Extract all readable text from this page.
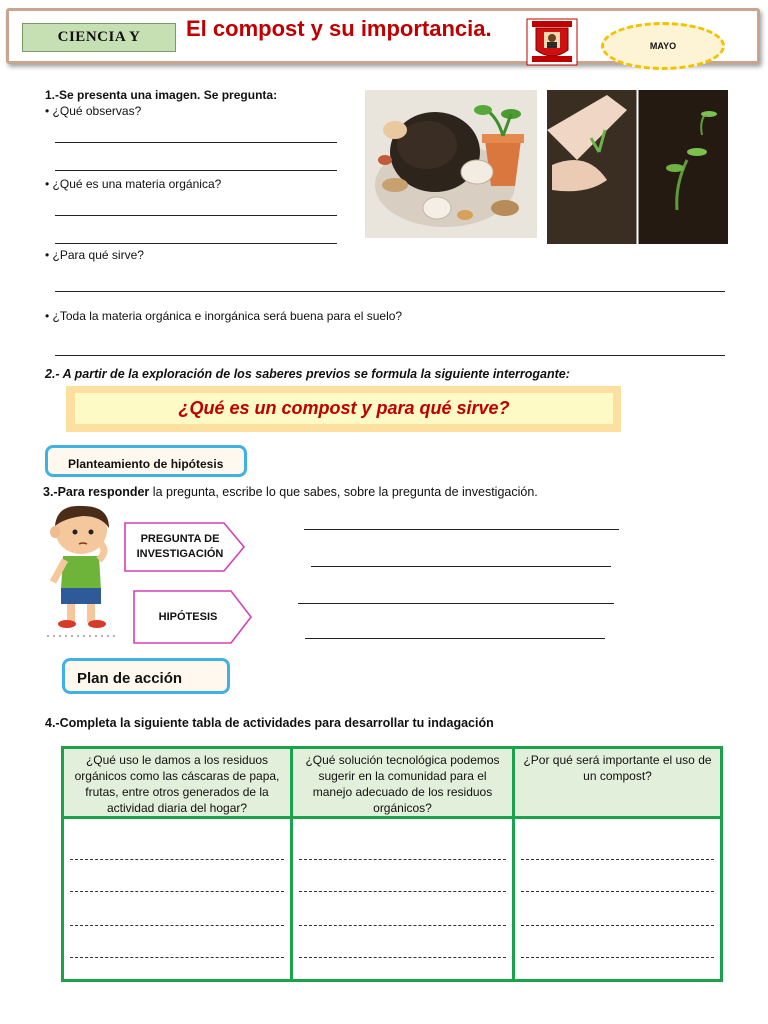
CIENCIA Y	El compost y su importancia.
MAYO
1.-Se presenta una imagen. Se pregunta:
• ¿Qué observas?
• ¿Qué es una materia orgánica?
• ¿Para qué sirve?
• ¿Toda la materia orgánica e inorgánica será buena para el suelo?
2.- A partir de la exploración de los saberes previos se formula la siguiente interrogante:
¿Qué es un compost y para qué sirve?
Planteamiento de hipótesis
3.-Para responder la pregunta, escribe lo que sabes, sobre la pregunta de investigación.
PREGUNTA DE
INVESTIGACIÓN
HIPÓTESIS
Plan de acción
4.-Completa la siguiente tabla de actividades para desarrollar tu indagación
¿Qué uso le damos a los residuos orgánicos como las cáscaras de papa, frutas, entre otros generados de la actividad diaria del hogar?
¿Qué solución tecnológica podemos sugerir en la comunidad para el manejo adecuado de los residuos orgánicos?
¿Por qué será importante el uso de un compost?
